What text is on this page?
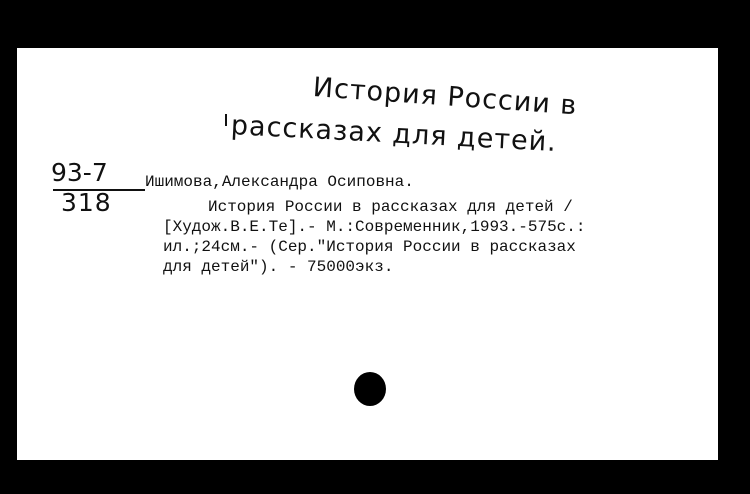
История России в
рассказах для детей.
93-7
318
Ишимова,Александра Осиповна.
История России в рассказах для детей /
[Худож.В.Е.Те].- М.:Современник,1993.-575с.:
ил.;24см.- (Сер."История России в рассказах
для детей"). - 75000экз.
